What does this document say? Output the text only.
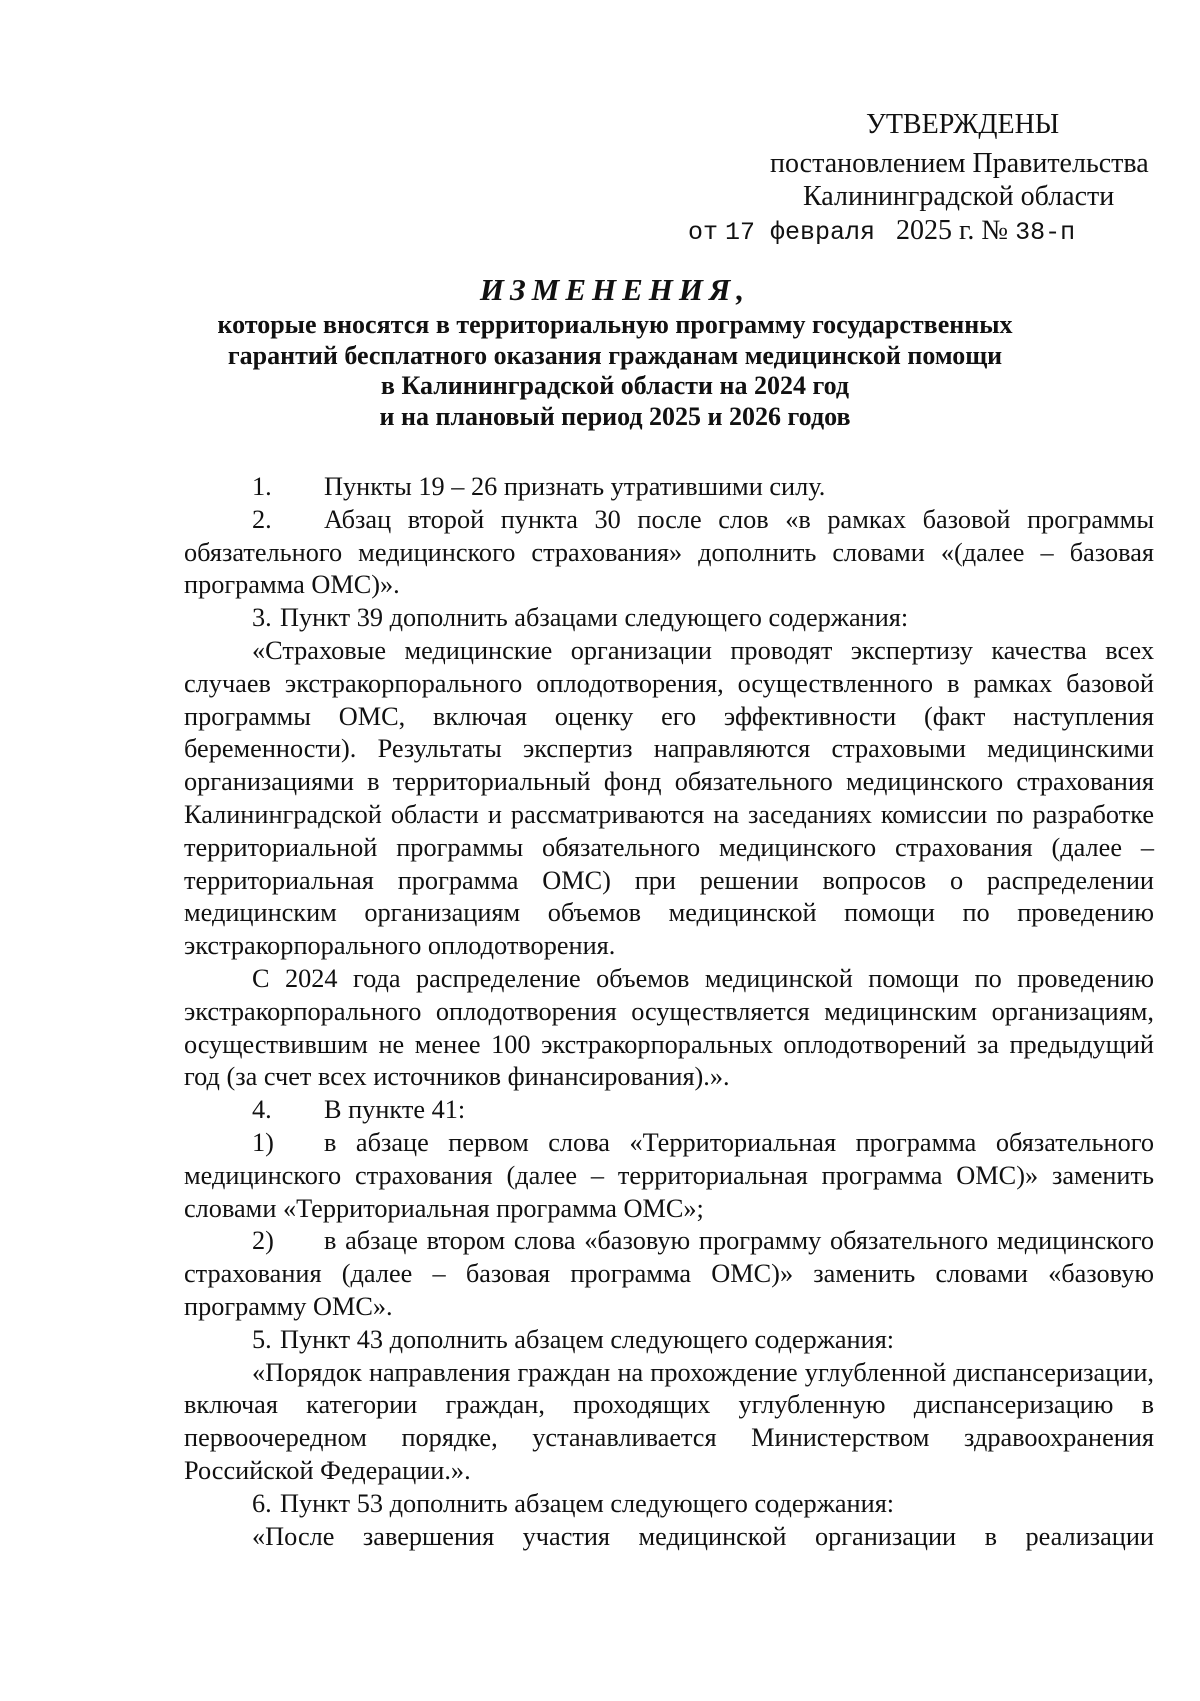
УТВЕРЖДЕНЫ
постановлением Правительства
Калининградской области
от 17 февраля 2025 г. № 38-п
ИЗМЕНЕНИЯ,
которые вносятся в территориальную программу государственных
гарантий бесплатного оказания гражданам медицинской помощи
в Калининградской области на 2024 год
и на плановый период 2025 и 2026 годов

1. Пункты 19 – 26 признать утратившими силу.

2. Абзац второй пункта 30 после слов «в рамках базовой программы обязательного медицинского страхования» дополнить словами «(далее – базовая программа ОМС)».

3. Пункт 39 дополнить абзацами следующего содержания:

«Страховые медицинские организации проводят экспертизу качества всех случаев экстракорпорального оплодотворения, осуществленного в рамках базовой программы ОМС, включая оценку его эффективности (факт наступления беременности). Результаты экспертиз направляются страховыми медицинскими организациями в территориальный фонд обязательного медицинского страхования Калининградской области и рассматриваются на заседаниях комиссии по разработке территориальной программы обязательного медицинского страхования (далее – территориальная программа ОМС) при решении вопросов о распределении медицинским организациям объемов медицинской помощи по проведению экстракорпорального оплодотворения.

С 2024 года распределение объемов медицинской помощи по проведению экстракорпорального оплодотворения осуществляется медицинским организациям, осуществившим не менее 100 экстракорпоральных оплодотворений за предыдущий год (за счет всех источников финансирования).».

4. В пункте 41:

1) в абзаце первом слова «Территориальная программа обязательного медицинского страхования (далее – территориальная программа ОМС)» заменить словами «Территориальная программа ОМС»;

2) в абзаце втором слова «базовую программу обязательного медицинского страхования (далее – базовая программа ОМС)» заменить словами «базовую программу ОМС».

5. Пункт 43 дополнить абзацем следующего содержания:

«Порядок направления граждан на прохождение углубленной диспансеризации, включая категории граждан, проходящих углубленную диспансеризацию в первоочередном порядке, устанавливается Министерством здравоохранения Российской Федерации.».

6. Пункт 53 дополнить абзацем следующего содержания:

«После завершения участия медицинской организации в реализации
